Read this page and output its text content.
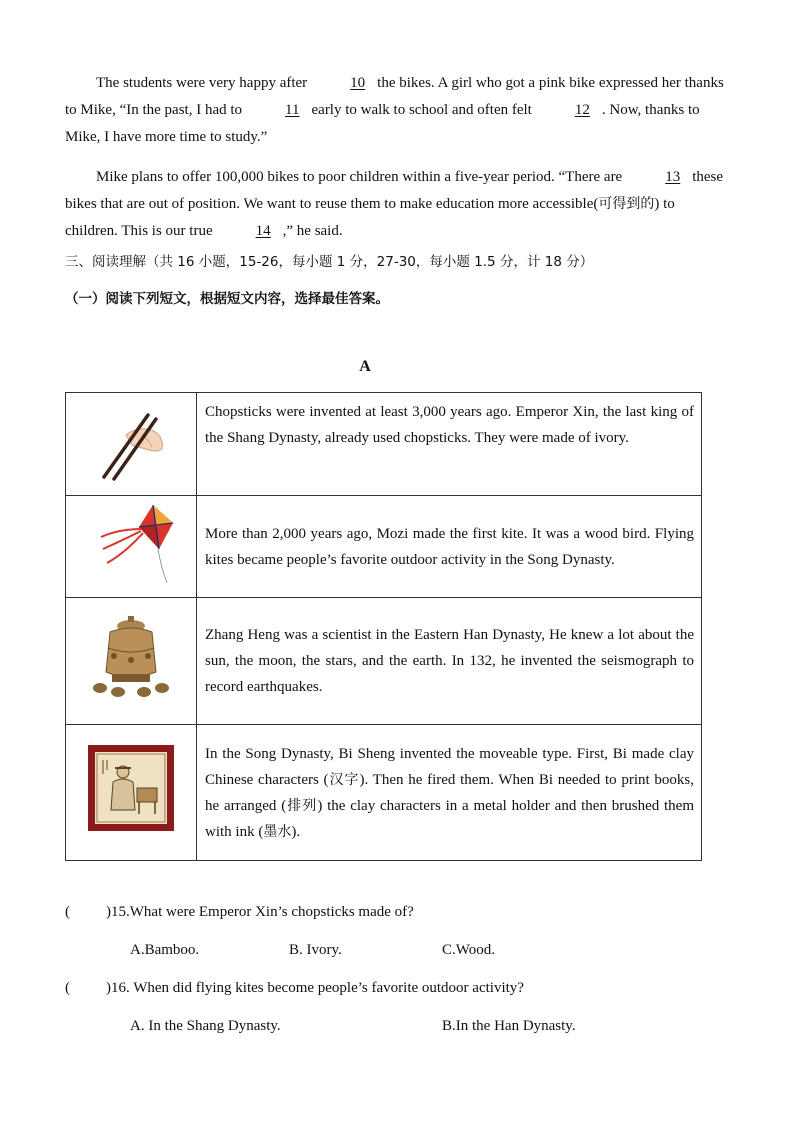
The students were very happy after	10 the bikes. A girl who got a pink bike expressed her thanks to Mike, “In the past, I had to	11 early to walk to school and often felt	12 . Now, thanks to Mike, I have more time to study.”

Mike plans to offer 100,000 bikes to poor children within a five-year period. “There are	13 these bikes that are out of position. We want to reuse them to make education more accessible(可得到的) to children. This is our true	14 ,” he said.

三、阅读理解（共 16 小题，15-26，每小题 1 分，27-30，每小题 1.5 分，计 18 分）
（一）阅读下列短文，根据短文内容，选择最佳答案。
A
	Chopsticks were invented at least 3,000 years ago. Emperor Xin, the last king of the Shang Dynasty, already used chopsticks. They were made of ivory.
	More than 2,000 years ago, Mozi made the first kite. It was a wood bird. Flying kites became people’s favorite outdoor activity in the Song Dynasty.
	Zhang Heng was a scientist in the Eastern Han Dynasty, He knew a lot about the sun, the moon, the stars, and the earth. In 132, he invented the seismograph to record earthquakes.
	In the Song Dynasty, Bi Sheng invented the moveable type. First, Bi made clay Chinese characters (汉字). Then he fired them. When Bi needed to print books, he arranged (排列) the clay characters in a metal holder and then brushed them with ink (墨水).
( )15.What were Emperor Xin’s chopsticks made of?
A.Bamboo.	B. Ivory.	C.Wood.
( )16. When did flying kites become people’s favorite outdoor activity?
A. In the Shang Dynasty.	B.In the Han Dynasty.
